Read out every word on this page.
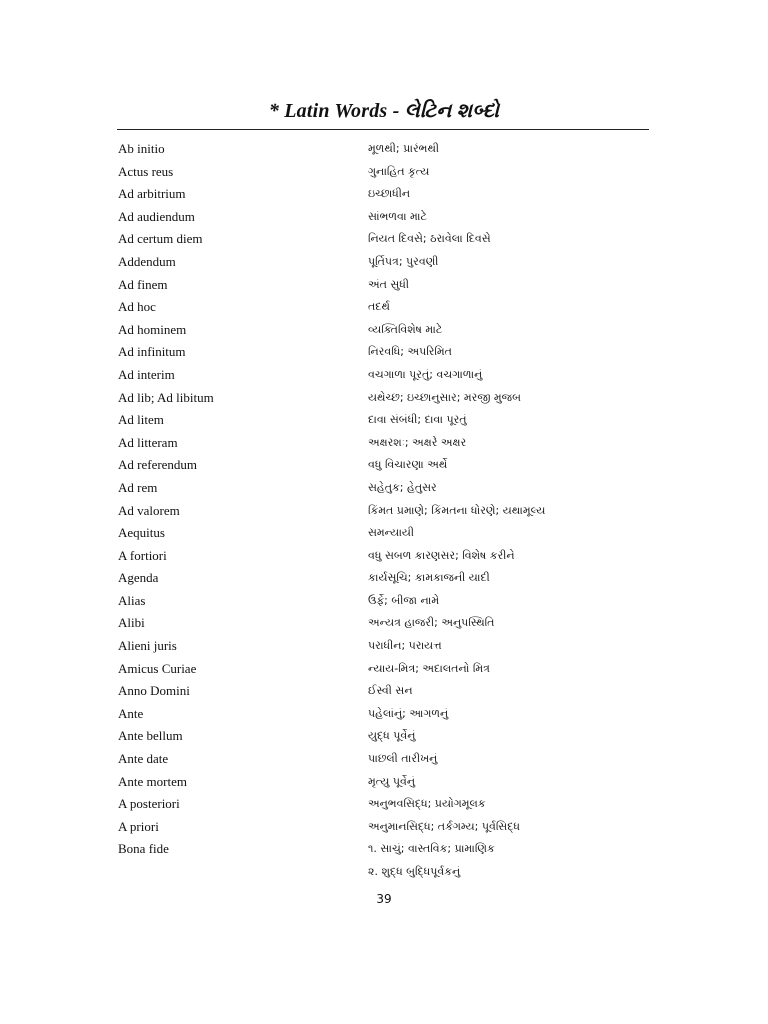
* Latin Words - લેટિન શબ્દો
Ab initio	મૂળથી; પ્રારંભથી
Actus reus	ગુનાહિત કૃત્ય
Ad arbitrium	ઇચ્છાધીન
Ad audiendum	સાંભળવા માટે
Ad certum diem	નિયત દિવસે; ઠરાવેલા દિવસે
Addendum	પૂર્તિપત્ર; પુરવણી
Ad finem	અંત સુધી
Ad hoc	તદર્થ
Ad hominem	વ્યક્તિવિશેષ માટે
Ad infinitum	નિરવધિ; અપરિમિત
Ad interim	વચગાળા પૂરતું; વચગાળાનું
Ad lib; Ad libitum	યથેચ્છ; ઇચ્છાનુસાર; મરજી મુજબ
Ad litem	દાવા સંબંધી; દાવા પૂરતું
Ad litteram	અક્ષરશઃ; અક્ષરે અક્ષર
Ad referendum	વધુ વિચારણા અર્થે
Ad rem	સહેતુક; હેતુસર
Ad valorem	કિંમત પ્રમાણે; કિંમતના ધોરણે; યથામૂલ્ય
Aequitus	સમન્યાયી
A fortiori	વધુ સબળ કારણસર; વિશેષ કરીને
Agenda	કાર્યસૂચિ; કામકાજની યાદી
Alias	ઉર્ફે; બીજા નામે
Alibi	અન્યત્ર હાજરી; અનુપસ્થિતિ
Alieni juris	પરાધીન; પરાયત્ત
Amicus Curiae	ન્યાય-મિત્ર; અદાલતનો મિત્ર
Anno Domini	ઈસ્વી સન
Ante	પહેલાંનું; આગળનું
Ante bellum	યુદ્ધ પૂર્વેનું
Ante date	પાછલી તારીખનું
Ante mortem	મૃત્યુ પૂર્વેનું
A posteriori	અનુભવસિદ્ધ; પ્રયોગમૂલક
A priori	અનુમાનસિદ્ધ; તર્કગમ્ય; પૂર્વસિદ્ધ
Bona fide	૧. સાચું; વાસ્તવિક; પ્રામાણિક
૨. શુદ્ધ બુદ્ધિપૂર્વકનું
39
